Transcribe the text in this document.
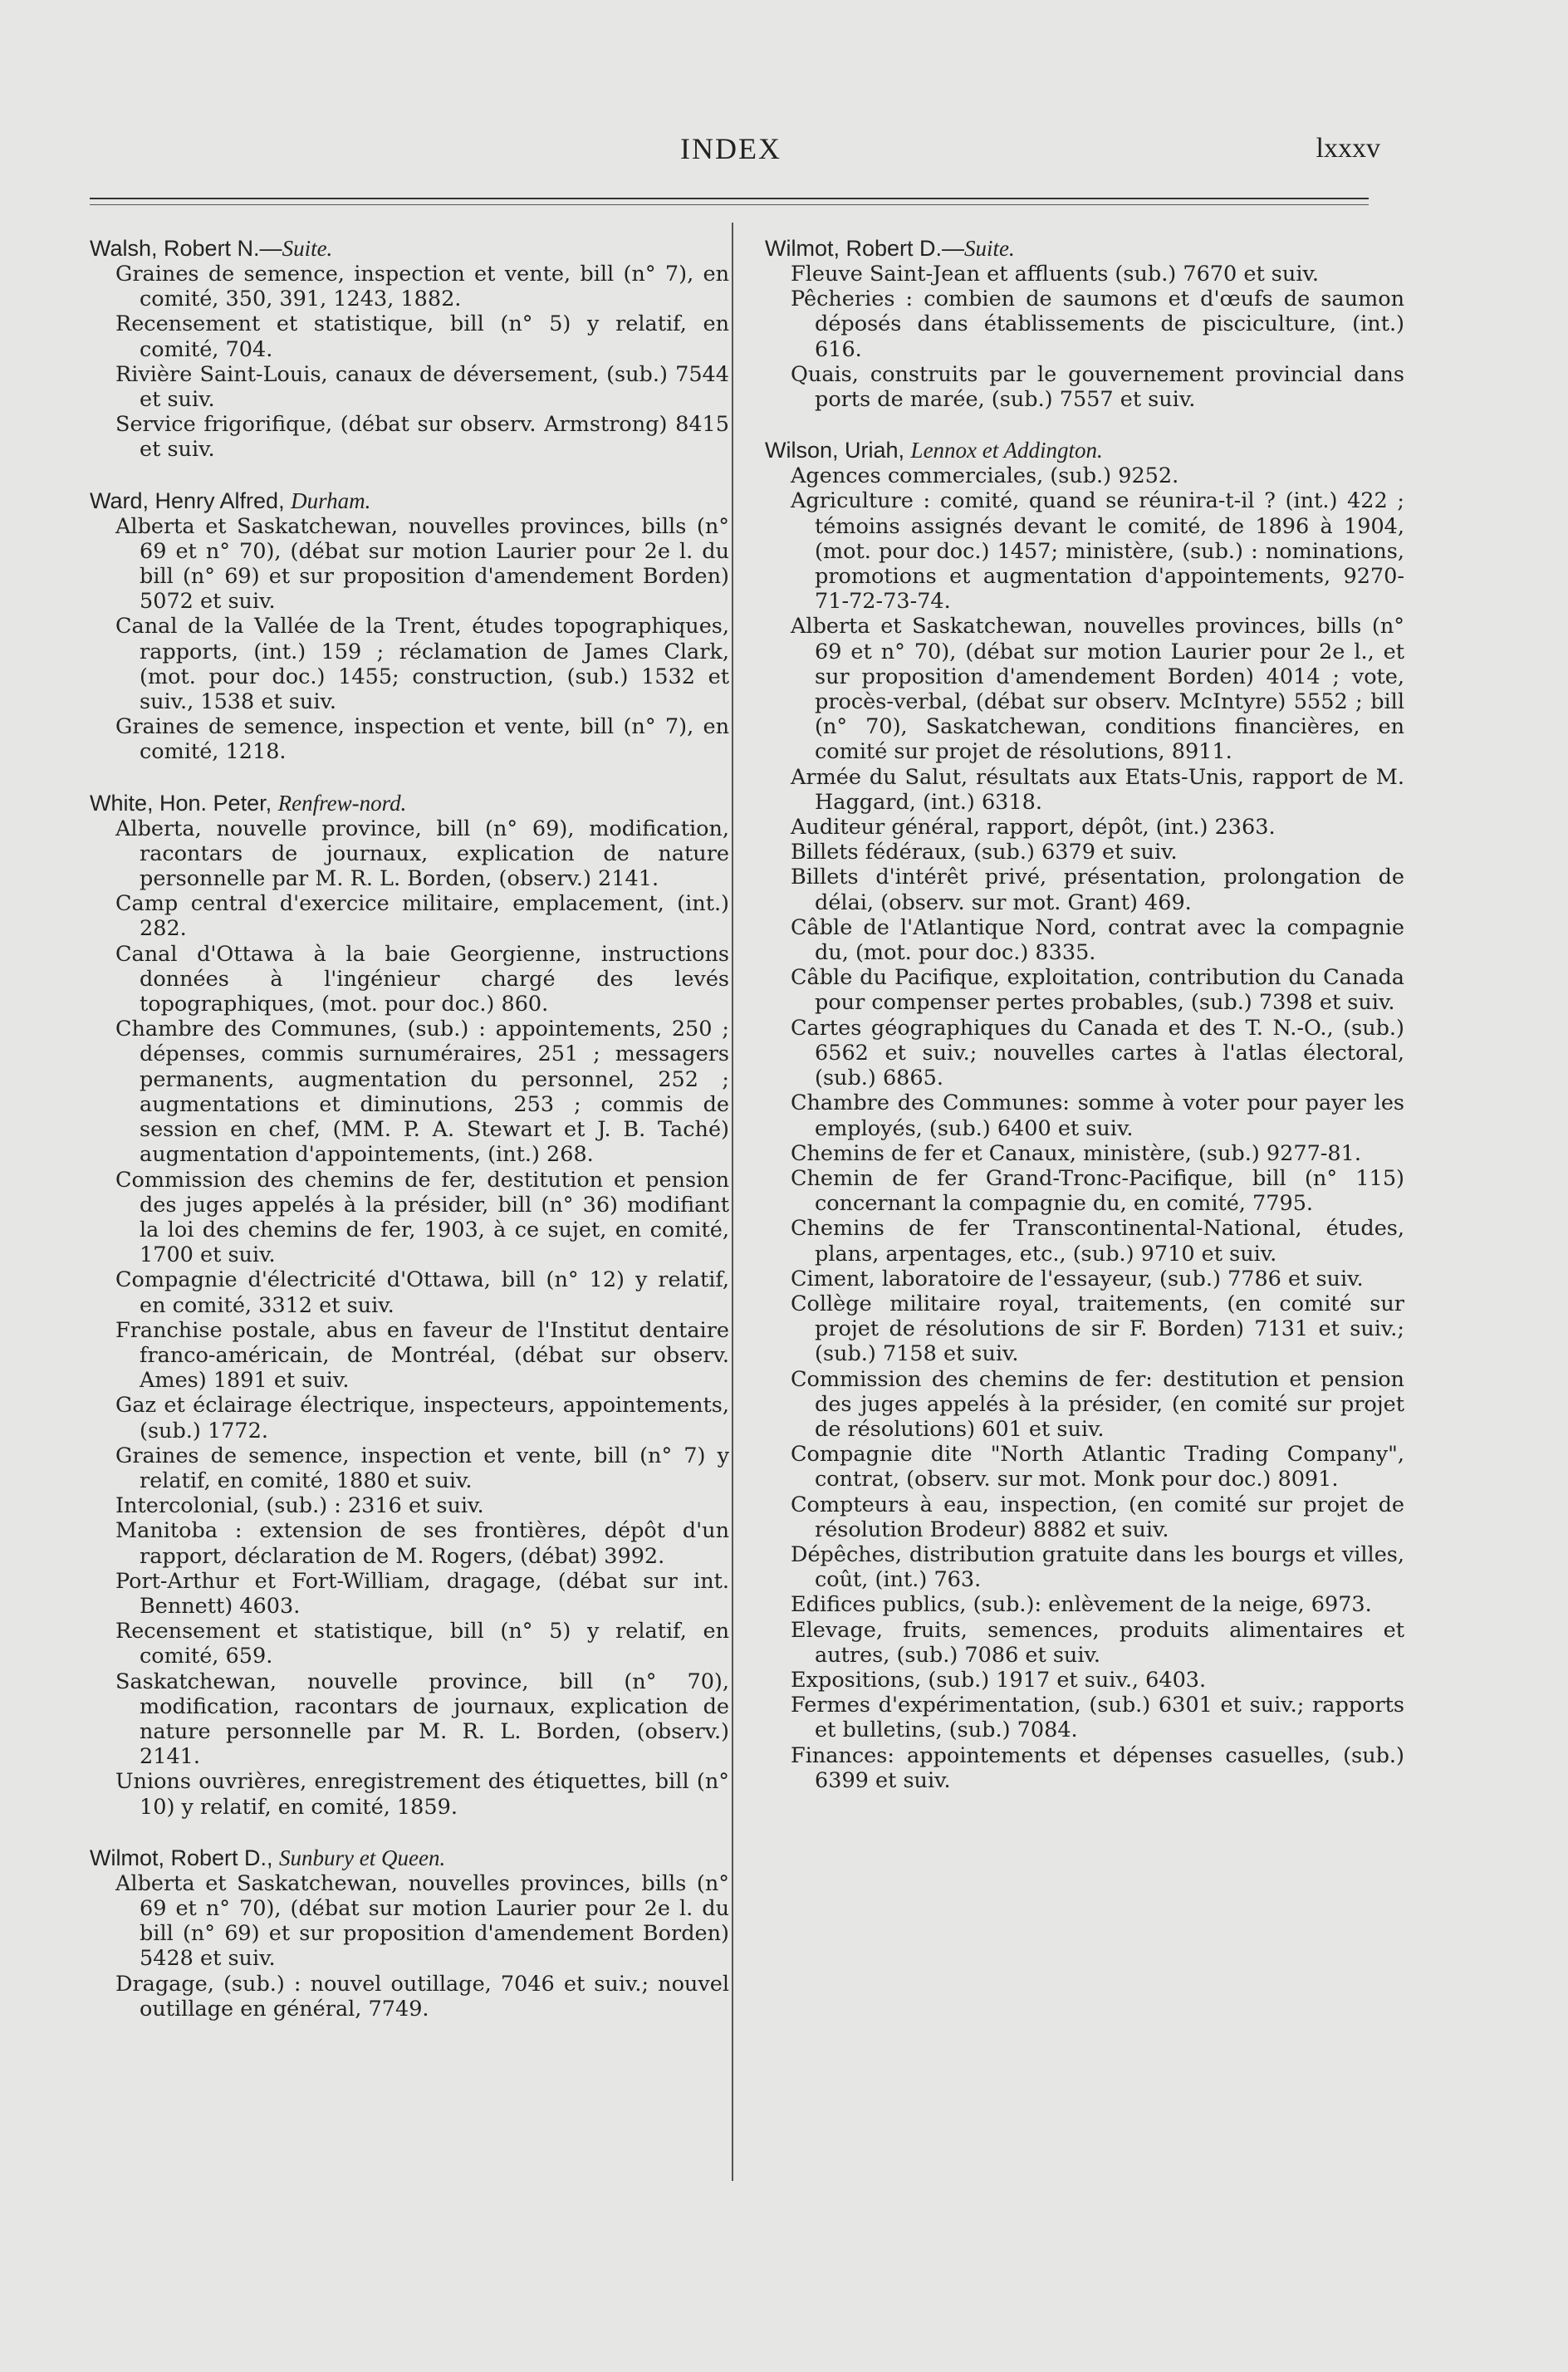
INDEX	lxxxv
Walsh, Robert N.—Suite.

Graines de semence, inspection et vente, bill (n° 7), en comité, 350, 391, 1243, 1882.

Recensement et statistique, bill (n° 5) y relatif, en comité, 704.

Rivière Saint-Louis, canaux de déversement, (sub.) 7544 et suiv.

Service frigorifique, (débat sur observ. Armstrong) 8415 et suiv.

Ward, Henry Alfred, Durham.

Alberta et Saskatchewan, nouvelles provinces, bills (n° 69 et n° 70), (débat sur motion Laurier pour 2e l. du bill (n° 69) et sur proposition d'amendement Borden) 5072 et suiv.

Canal de la Vallée de la Trent, études topographiques, rapports, (int.) 159 ; réclamation de James Clark, (mot. pour doc.) 1455; construction, (sub.) 1532 et suiv., 1538 et suiv.

Graines de semence, inspection et vente, bill (n° 7), en comité, 1218.

White, Hon. Peter, Renfrew-nord.

Alberta, nouvelle province, bill (n° 69), modification, racontars de journaux, explication de nature personnelle par M. R. L. Borden, (observ.) 2141.

Camp central d'exercice militaire, emplacement, (int.) 282.

Canal d'Ottawa à la baie Georgienne, instructions données à l'ingénieur chargé des levés topographiques, (mot. pour doc.) 860.

Chambre des Communes, (sub.) : appointements, 250 ; dépenses, commis surnuméraires, 251 ; messagers permanents, augmentation du personnel, 252 ; augmentations et diminutions, 253 ; commis de session en chef, (MM. P. A. Stewart et J. B. Taché) augmentation d'appointements, (int.) 268.

Commission des chemins de fer, destitution et pension des juges appelés à la présider, bill (n° 36) modifiant la loi des chemins de fer, 1903, à ce sujet, en comité, 1700 et suiv.

Compagnie d'électricité d'Ottawa, bill (n° 12) y relatif, en comité, 3312 et suiv.

Franchise postale, abus en faveur de l'Institut dentaire franco-américain, de Montréal, (débat sur observ. Ames) 1891 et suiv.

Gaz et éclairage électrique, inspecteurs, appointements, (sub.) 1772.

Graines de semence, inspection et vente, bill (n° 7) y relatif, en comité, 1880 et suiv.

Intercolonial, (sub.) : 2316 et suiv.

Manitoba : extension de ses frontières, dépôt d'un rapport, déclaration de M. Rogers, (débat) 3992.

Port-Arthur et Fort-William, dragage, (débat sur int. Bennett) 4603.

Recensement et statistique, bill (n° 5) y relatif, en comité, 659.

Saskatchewan, nouvelle province, bill (n° 70), modification, racontars de journaux, explication de nature personnelle par M. R. L. Borden, (observ.) 2141.

Unions ouvrières, enregistrement des étiquettes, bill (n° 10) y relatif, en comité, 1859.

Wilmot, Robert D., Sunbury et Queen.

Alberta et Saskatchewan, nouvelles provinces, bills (n° 69 et n° 70), (débat sur motion Laurier pour 2e l. du bill (n° 69) et sur proposition d'amendement Borden) 5428 et suiv.

Dragage, (sub.) : nouvel outillage, 7046 et suiv.; nouvel outillage en général, 7749.

Wilmot, Robert D.—Suite.

Fleuve Saint-Jean et affluents (sub.) 7670 et suiv.

Pêcheries : combien de saumons et d'œufs de saumon déposés dans établissements de pisciculture, (int.) 616.

Quais, construits par le gouvernement provincial dans ports de marée, (sub.) 7557 et suiv.

Wilson, Uriah, Lennox et Addington.

Agences commerciales, (sub.) 9252.

Agriculture : comité, quand se réunira-t-il ? (int.) 422 ; témoins assignés devant le comité, de 1896 à 1904, (mot. pour doc.) 1457; ministère, (sub.) : nominations, promotions et augmentation d'appointements, 9270-71-72-73-74.

Alberta et Saskatchewan, nouvelles provinces, bills (n° 69 et n° 70), (débat sur motion Laurier pour 2e l., et sur proposition d'amendement Borden) 4014 ; vote, procès-verbal, (débat sur observ. McIntyre) 5552 ; bill (n° 70), Saskatchewan, conditions financières, en comité sur projet de résolutions, 8911.

Armée du Salut, résultats aux Etats-Unis, rapport de M. Haggard, (int.) 6318.

Auditeur général, rapport, dépôt, (int.) 2363.

Billets fédéraux, (sub.) 6379 et suiv.

Billets d'intérêt privé, présentation, prolongation de délai, (observ. sur mot. Grant) 469.

Câble de l'Atlantique Nord, contrat avec la compagnie du, (mot. pour doc.) 8335.

Câble du Pacifique, exploitation, contribution du Canada pour compenser pertes probables, (sub.) 7398 et suiv.

Cartes géographiques du Canada et des T. N.-O., (sub.) 6562 et suiv.; nouvelles cartes à l'atlas électoral, (sub.) 6865.

Chambre des Communes: somme à voter pour payer les employés, (sub.) 6400 et suiv.

Chemins de fer et Canaux, ministère, (sub.) 9277-81.

Chemin de fer Grand-Tronc-Pacifique, bill (n° 115) concernant la compagnie du, en comité, 7795.

Chemins de fer Transcontinental-National, études, plans, arpentages, etc., (sub.) 9710 et suiv.

Ciment, laboratoire de l'essayeur, (sub.) 7786 et suiv.

Collège militaire royal, traitements, (en comité sur projet de résolutions de sir F. Borden) 7131 et suiv.; (sub.) 7158 et suiv.

Commission des chemins de fer: destitution et pension des juges appelés à la présider, (en comité sur projet de résolutions) 601 et suiv.

Compagnie dite "North Atlantic Trading Company", contrat, (observ. sur mot. Monk pour doc.) 8091.

Compteurs à eau, inspection, (en comité sur projet de résolution Brodeur) 8882 et suiv.

Dépêches, distribution gratuite dans les bourgs et villes, coût, (int.) 763.

Edifices publics, (sub.): enlèvement de la neige, 6973.

Elevage, fruits, semences, produits alimentaires et autres, (sub.) 7086 et suiv.

Expositions, (sub.) 1917 et suiv., 6403.

Fermes d'expérimentation, (sub.) 6301 et suiv.; rapports et bulletins, (sub.) 7084.

Finances: appointements et dépenses casuelles, (sub.) 6399 et suiv.
